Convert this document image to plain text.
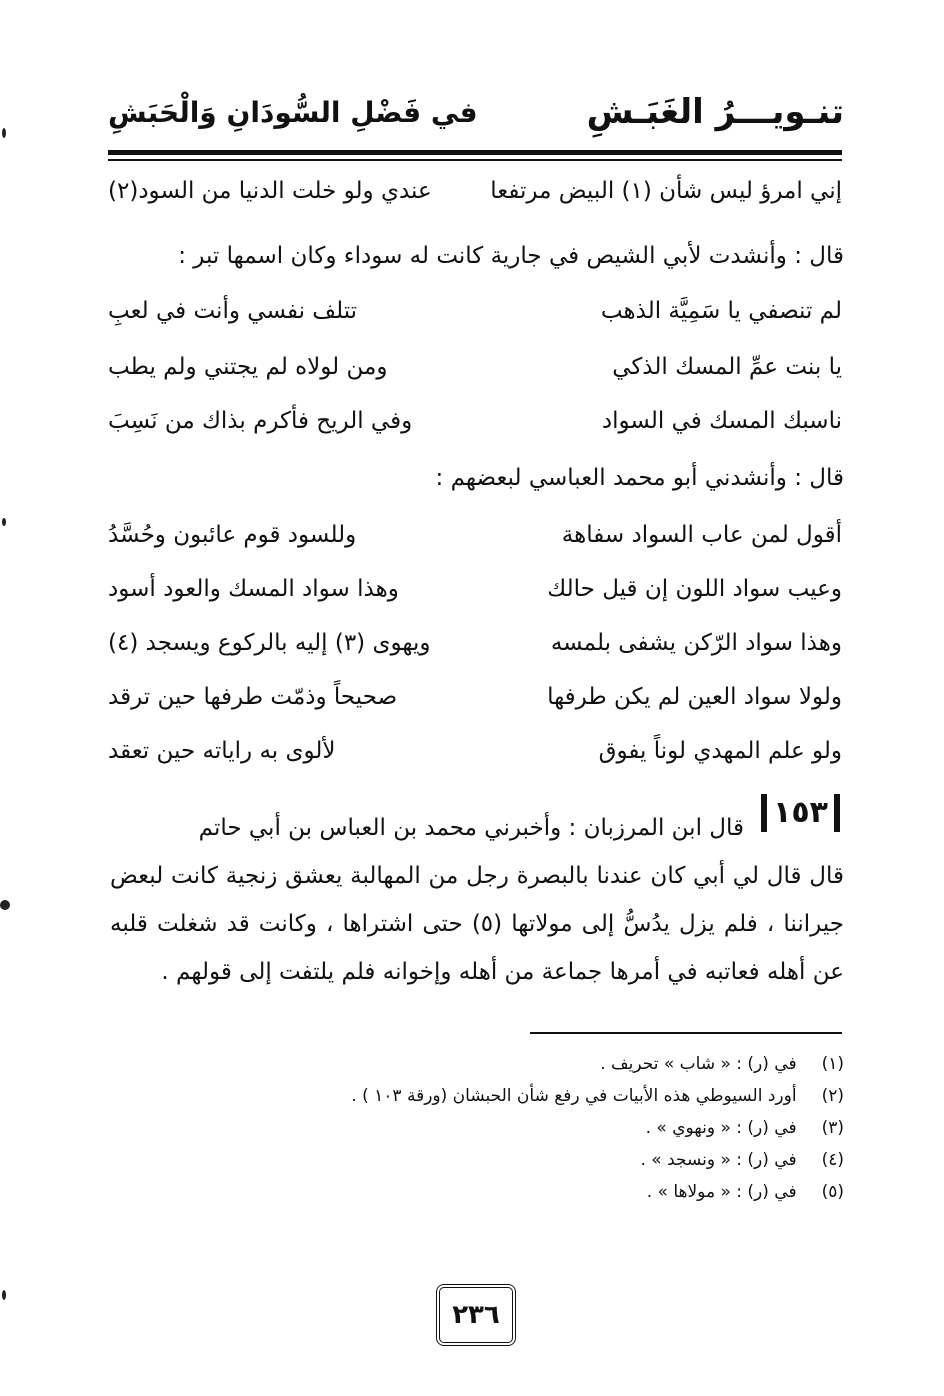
تنـويـــرُ الغَبَـشِ
في فَضْلِ السُّودَانِ وَالْحَبَشِ
إني امرؤ ليس شأن (١) البيض مرتفعا
عندي ولو خلت الدنيا من السود(٢)
قال : وأنشدت لأبي الشيص في جارية كانت له سوداء وكان اسمها تبر :
لم تنصفي يا سَمِيَّة الذهب
تتلف نفسي وأنت في لعبِ
يا بنت عمِّ المسك الذكي
ومن لولاه لم يجتني ولم يطب
ناسبك المسك في السواد
وفي الريح فأكرم بذاك من نَسِبَ
قال : وأنشدني أبو محمد العباسي لبعضهم :
أقول لمن عاب السواد سفاهة
وللسود قوم عائبون وحُسَّدُ
وعيب سواد اللون إن قيل حالك
وهذا سواد المسك والعود أسود
وهذا سواد الرّكن يشفى بلمسه
ويهوى (٣) إليه بالركوع ويسجد (٤)
ولولا سواد العين لم يكن طرفها
صحيحاً وذمّت طرفها حين ترقد
ولو علم المهدي لوناً يفوق
لألوى به راياته حين تعقد
١٥٣
قال ابن المرزبان : وأخبرني محمد بن العباس بن أبي حاتم
قال قال لي أبي كان عندنا بالبصرة رجل من المهالبة يعشق زنجية كانت لبعض
جيراننا ، فلم يزل يدُسُّ إلى مولاتها (٥) حتى اشتراها ، وكانت قد شغلت قلبه
عن أهله فعاتبه في أمرها جماعة من أهله وإخوانه فلم يلتفت إلى قولهم .
(١) في (ر) : « شاب » تحريف .
(٢) أورد السيوطي هذه الأبيات في رفع شأن الحبشان (ورقة ١٠٣ ) .
(٣) في (ر) : « ونهوي » .
(٤) في (ر) : « ونسجد » .
(٥) في (ر) : « مولاها » .
٢٣٦
